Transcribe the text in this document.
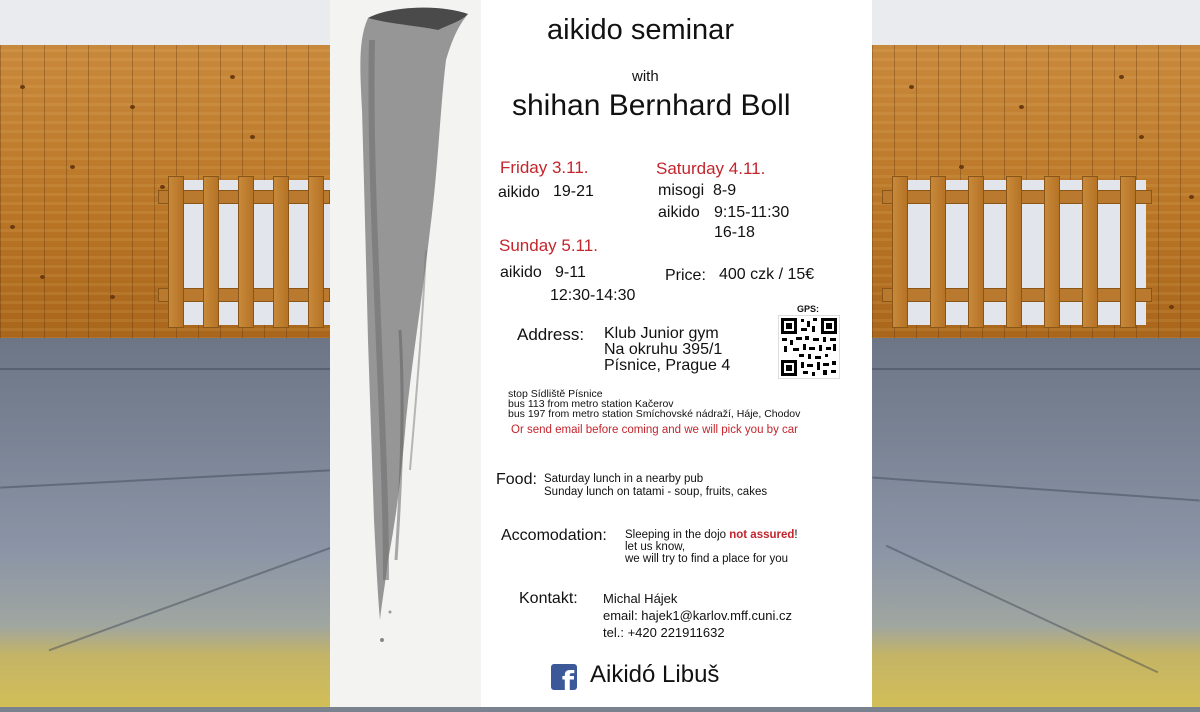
aikido seminar
with
shihan Bernhard Boll
Friday 3.11.
aikido 19-21
Saturday 4.11.
misogi 8-9
aikido 9:15-11:30
16-18
Sunday 5.11.
aikido 9-11
12:30-14:30
Price: 400 czk / 15€
GPS:
Address: Klub Junior gym
Na okruhu 395/1
Písnice, Prague 4
stop Sídliště Písnice
bus 113 from metro station Kačerov
bus 197 from metro station Smíchovské nádraží, Háje, Chodov
Or send email before coming and we will pick you by car
Food: Saturday lunch in a nearby pub
Sunday lunch on tatami - soup, fruits, cakes
Accomodation: Sleeping in the dojo not assured!
let us know,
we will try to find a place for you
Kontakt: Michal Hájek
email: hajek1@karlov.mff.cuni.cz
tel.: +420 221911632
f Aikidó Libuš
